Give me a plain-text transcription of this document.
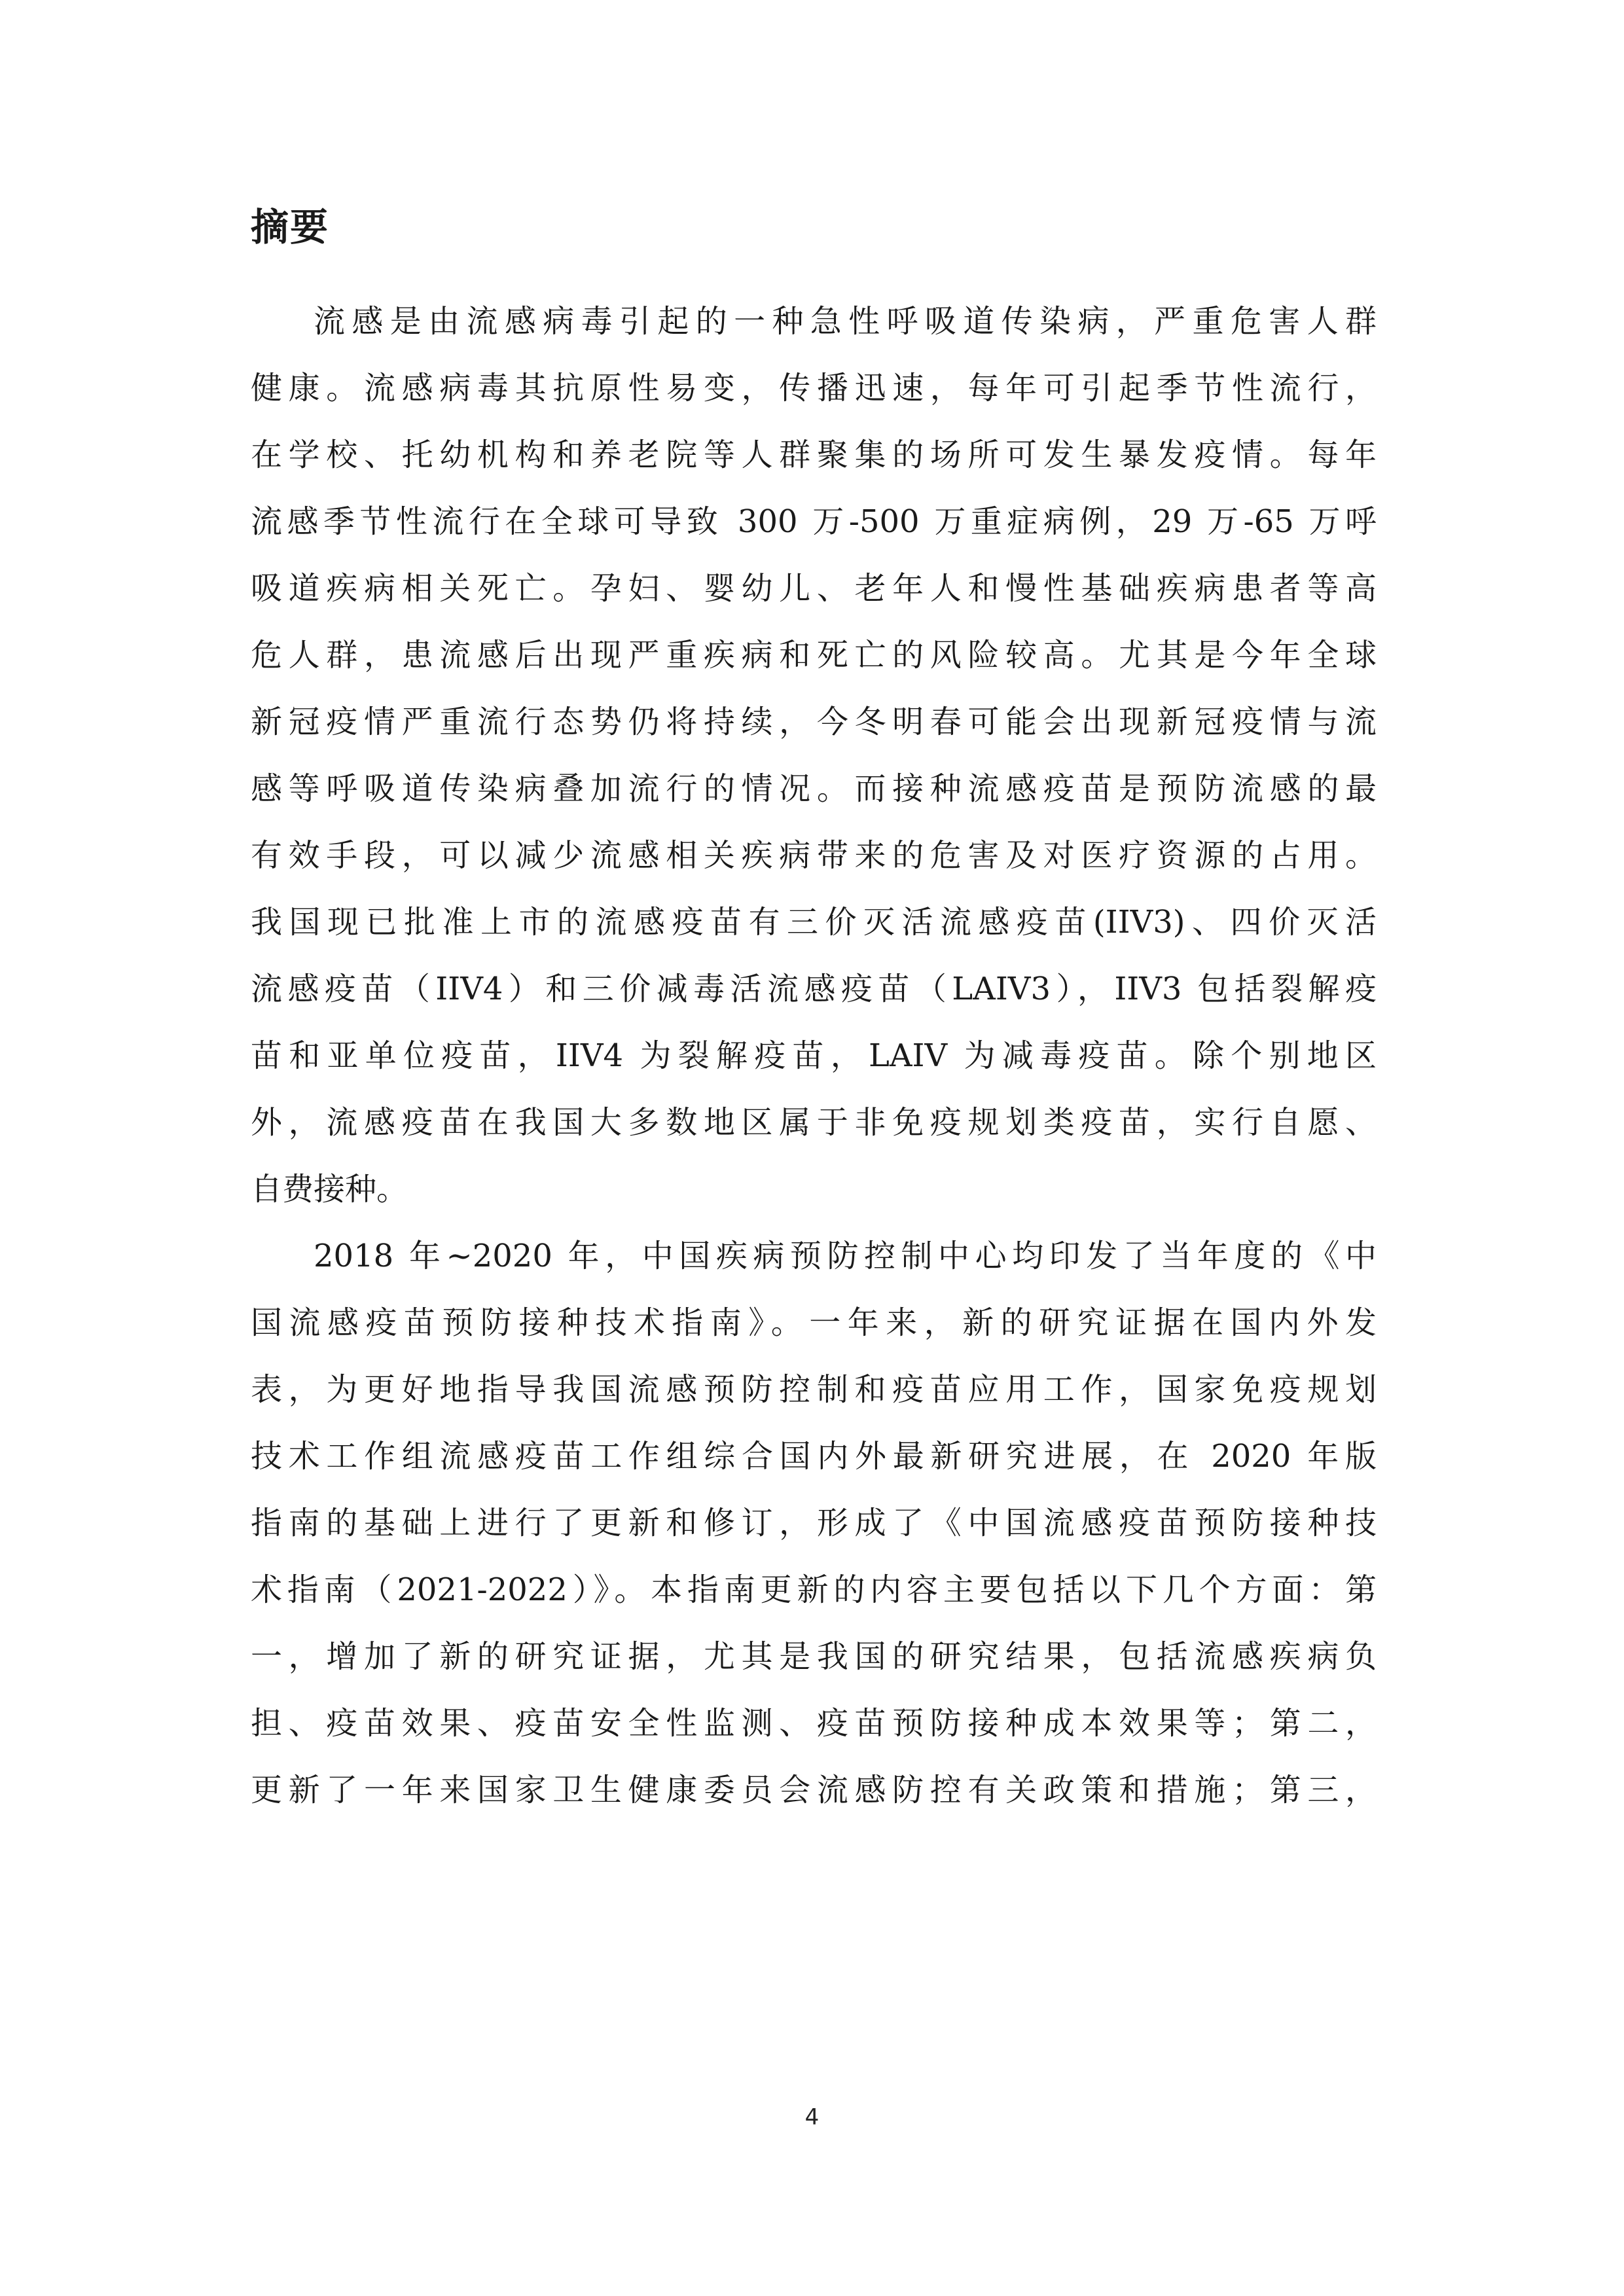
摘要
流感是由流感病毒引起的一种急性呼吸道传染病，严重危害人群
健康。流感病毒其抗原性易变，传播迅速，每年可引起季节性流行，
在学校、托幼机构和养老院等人群聚集的场所可发生暴发疫情。每年
流感季节性流行在全球可导致 300 万-500 万重症病例，29 万-65 万呼
吸道疾病相关死亡。孕妇、婴幼儿、老年人和慢性基础疾病患者等高
危人群，患流感后出现严重疾病和死亡的风险较高。尤其是今年全球
新冠疫情严重流行态势仍将持续，今冬明春可能会出现新冠疫情与流
感等呼吸道传染病叠加流行的情况。而接种流感疫苗是预防流感的最
有效手段，可以减少流感相关疾病带来的危害及对医疗资源的占用。
我国现已批准上市的流感疫苗有三价灭活流感疫苗(IIV3)、四价灭活
流感疫苗（IIV4）和三价减毒活流感疫苗（LAIV3），IIV3 包括裂解疫
苗和亚单位疫苗，IIV4 为裂解疫苗，LAIV 为减毒疫苗。除个别地区
外，流感疫苗在我国大多数地区属于非免疫规划类疫苗，实行自愿、
自费接种。
2018 年~2020 年，中国疾病预防控制中心均印发了当年度的《中
国流感疫苗预防接种技术指南》。一年来，新的研究证据在国内外发
表，为更好地指导我国流感预防控制和疫苗应用工作，国家免疫规划
技术工作组流感疫苗工作组综合国内外最新研究进展，在 2020 年版
指南的基础上进行了更新和修订，形成了《中国流感疫苗预防接种技
术指南（2021-2022）》。本指南更新的内容主要包括以下几个方面：第
一，增加了新的研究证据，尤其是我国的研究结果，包括流感疾病负
担、疫苗效果、疫苗安全性监测、疫苗预防接种成本效果等；第二，
更新了一年来国家卫生健康委员会流感防控有关政策和措施；第三，
4
